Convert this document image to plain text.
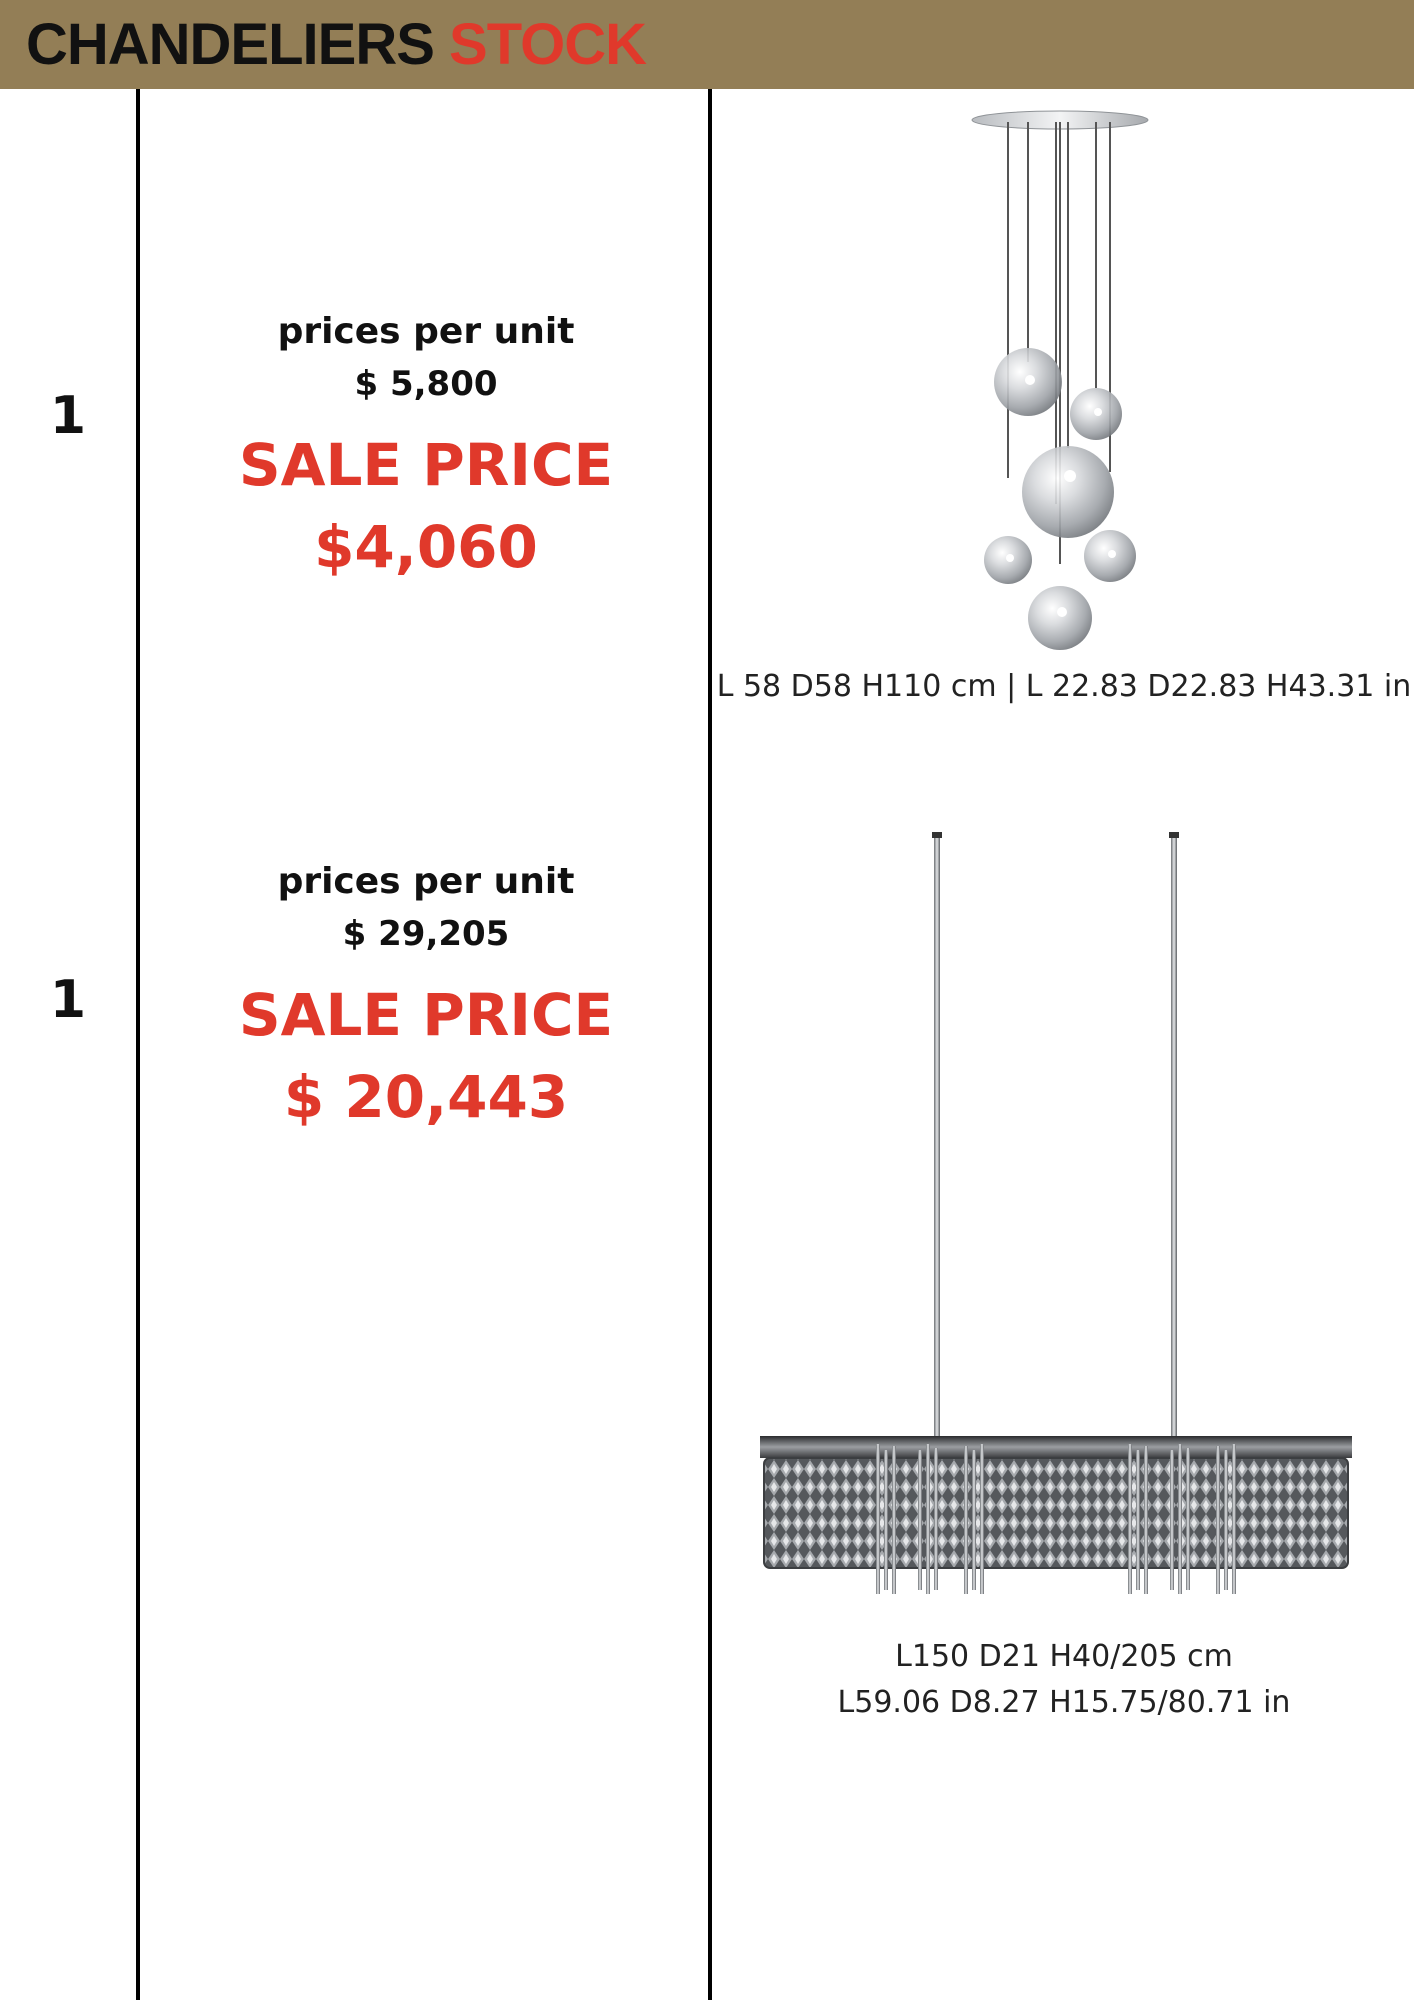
CHANDELIERS STOCK
1
prices per unit
$ 5,800
SALE PRICE
$4,060
L 58 D58 H110 cm | L 22.83 D22.83 H43.31 in
1
prices per unit
$ 29,205
SALE PRICE
$ 20,443
L150 D21 H40/205 cm
L59.06 D8.27 H15.75/80.71 in
